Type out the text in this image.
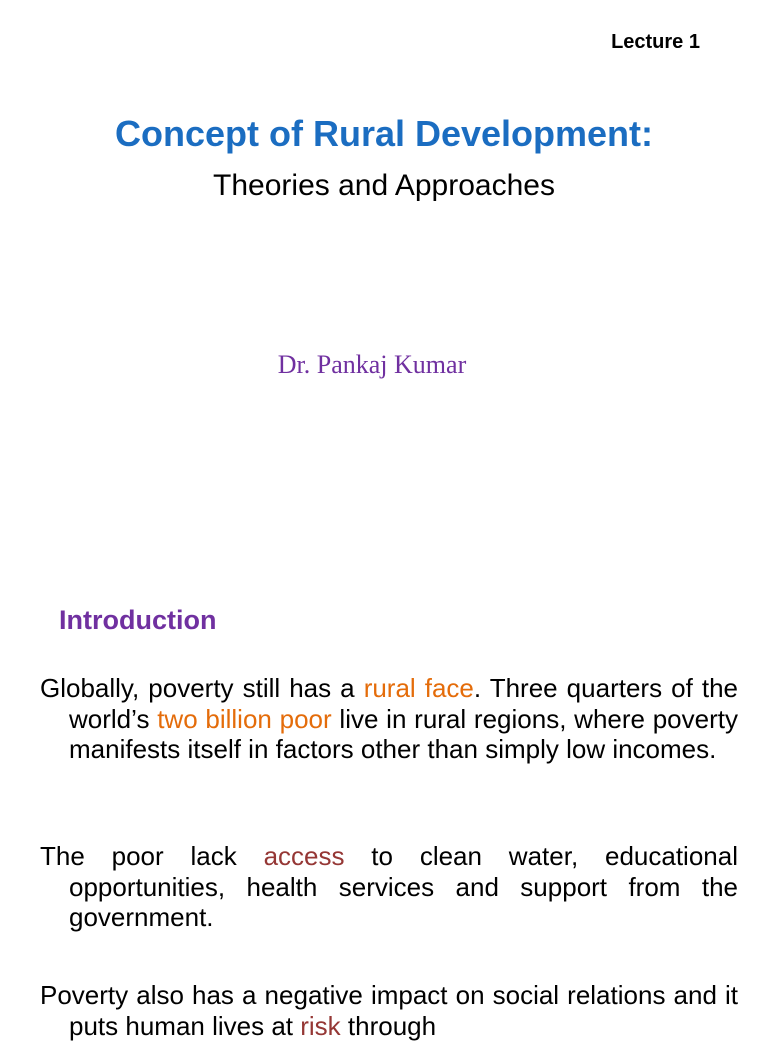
Lecture 1
Concept of Rural Development:
Theories and Approaches
Dr. Pankaj Kumar
Introduction
Globally, poverty still has a rural face. Three quarters of the world’s two billion poor live in rural regions, where poverty manifests itself in factors other than simply low incomes.
The poor lack access to clean water, educational opportunities, health services and support from the government.
Poverty also has a negative impact on social relations and it puts human lives at risk through
